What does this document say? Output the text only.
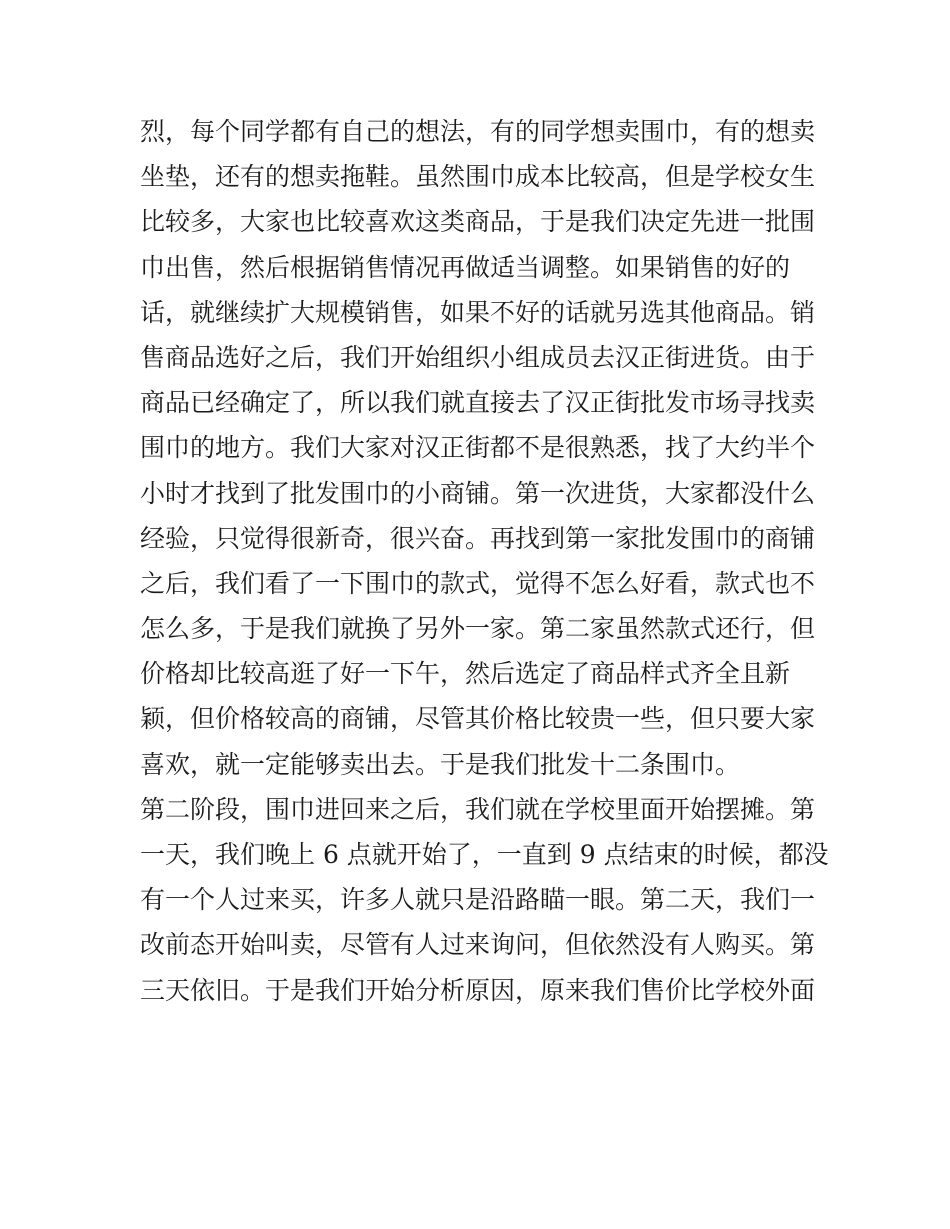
烈，每个同学都有自己的想法，有的同学想卖围巾，有的想卖
坐垫，还有的想卖拖鞋。虽然围巾成本比较高，但是学校女生
比较多，大家也比较喜欢这类商品，于是我们决定先进一批围
巾出售，然后根据销售情况再做适当调整。如果销售的好的
话，就继续扩大规模销售，如果不好的话就另选其他商品。销
售商品选好之后，我们开始组织小组成员去汉正街进货。由于
商品已经确定了，所以我们就直接去了汉正街批发市场寻找卖
围巾的地方。我们大家对汉正街都不是很熟悉，找了大约半个
小时才找到了批发围巾的小商铺。第一次进货，大家都没什么
经验，只觉得很新奇，很兴奋。再找到第一家批发围巾的商铺
之后，我们看了一下围巾的款式，觉得不怎么好看，款式也不
怎么多，于是我们就换了另外一家。第二家虽然款式还行，但
价格却比较高逛了好一下午，然后选定了商品样式齐全且新
颖，但价格较高的商铺，尽管其价格比较贵一些，但只要大家
喜欢，就一定能够卖出去。于是我们批发十二条围巾。
第二阶段，围巾进回来之后，我们就在学校里面开始摆摊。第
一天，我们晚上 6 点就开始了，一直到 9 点结束的时候，都没
有一个人过来买，许多人就只是沿路瞄一眼。第二天，我们一
改前态开始叫卖，尽管有人过来询问，但依然没有人购买。第
三天依旧。于是我们开始分析原因，原来我们售价比学校外面
